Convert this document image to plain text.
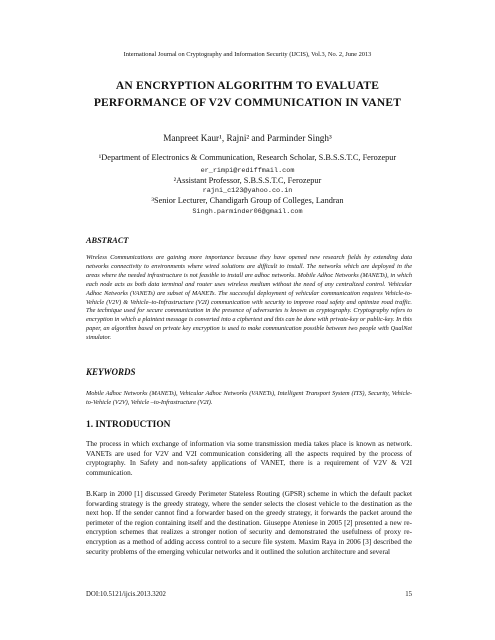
International Journal on Cryptography and Information Security (IJCIS), Vol.3, No. 2, June 2013
AN ENCRYPTION ALGORITHM TO EVALUATE
PERFORMANCE OF V2V COMMUNICATION IN VANET
Manpreet Kaur¹, Rajni² and Parminder Singh³
¹Department of Electronics & Communication, Research Scholar, S.B.S.S.T.C, Ferozepur
er_rimpi@rediffmail.com
²Assistant Professor, S.B.S.S.T.C, Ferozepur
rajni_c123@yahoo.co.in
³Senior Lecturer, Chandigarh Group of Colleges, Landran
Singh.parminder06@gmail.com
ABSTRACT
Wireless Communications are gaining more importance because they have opened new research fields by extending data networks connectivity to environments where wired solutions are difficult to install. The networks which are deployed in the areas where the needed infrastructure is not feasible to install are adhoc networks. Mobile Adhoc Networks (MANETs), in which each node acts as both data terminal and router uses wireless medium without the need of any centralized control. Vehicular Adhoc Networks (VANETs) are subset of MANETs. The successful deployment of vehicular communication requires Vehicle-to-Vehicle (V2V) & Vehicle–to-Infrastructure (V2I) communication with security to improve road safety and optimize road traffic. The technique used for secure communication in the presence of adversaries is known as cryptography. Cryptography refers to encryption in which a plaintext message is converted into a ciphertext and this can be done with private-key or public-key. In this paper, an algorithm based on private key encryption is used to make communication possible between two people with QualNet simulator.
KEYWORDS
Mobile Adhoc Networks (MANETs), Vehicular Adhoc Networks (VANETs), Intelligent Transport System (ITS), Security, Vehicle-to-Vehicle (V2V), Vehicle –to-Infrastructure (V2I).
1. INTRODUCTION
The process in which exchange of information via some transmission media takes place is known as network. VANETs are used for V2V and V2I communication considering all the aspects required by the process of cryptography. In Safety and non-safety applications of VANET, there is a requirement of V2V & V2I communication.
B.Karp in 2000 [1] discussed Greedy Perimeter Stateless Routing (GPSR) scheme in which the default packet forwarding strategy is the greedy strategy, where the sender selects the closest vehicle to the destination as the next hop. If the sender cannot find a forwarder based on the greedy strategy, it forwards the packet around the perimeter of the region containing itself and the destination. Giuseppe Ateniese in 2005 [2] presented a new re-encryption schemes that realizes a stronger notion of security and demonstrated the usefulness of proxy re-encryption as a method of adding access control to a secure file system. Maxim Raya in 2006 [3] described the security problems of the emerging vehicular networks and it outlined the solution architecture and several
DOI:10.5121/ijcis.2013.3202	15
